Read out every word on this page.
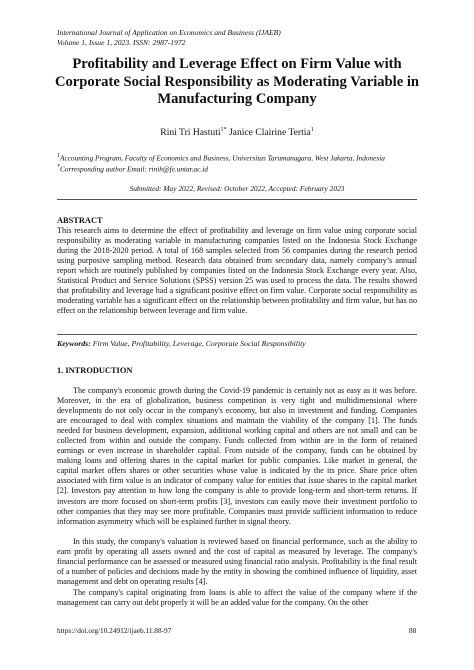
International Journal of Application on Economics and Business (IJAEB)
Volume 1, Issue 1, 2023. ISSN: 2987-1972
Profitability and Leverage Effect on Firm Value with Corporate Social Responsibility as Moderating Variable in Manufacturing Company
Rini Tri Hastuti$^{1*}$ Janice Clairine Tertia$^1$
$^1$Accounting Program, Faculty of Economics and Business, Universitas Tarumanagara, West Jakarta, Indonesia
*Corresponding author Email: rinih@fe.untar.ac.id
Submitted: May 2022, Revised: October 2022, Accepted: February 2023
ABSTRACT

This research aims to determine the effect of profitability and leverage on firm value using corporate social responsibility as moderating variable in manufacturing companies listed on the Indonesia Stock Exchange during the 2018-2020 period. A total of 168 samples selected from 56 companies during the research period using purposive sampling method. Research data obtained from secondary data, namely company’s annual report which are routinely published by companies listed on the Indonesia Stock Exchange every year. Also, Statistical Product and Service Solutions (SPSS) version 25 was used to process the data. The results showed that profitability and leverage had a significant positive effect on firm value. Corporate social responsibility as moderating variable has a significant effect on the relationship between profitability and firm value, but has no effect on the relationship between leverage and firm value.

Keywords: Firm Value, Profitability, Leverage, Corporate Social Responsibility
1. INTRODUCTION

The company's economic growth during the Covid-19 pandemic is certainly not as easy as it was before. Moreover, in the era of globalization, business competition is very tight and multidimensional where developments do not only occur in the company's economy, but also in investment and funding. Companies are encouraged to deal with complex situations and maintain the viability of the company [1]. The funds needed for business development, expansion, additional working capital and others are not small and can be collected from within and outside the company. Funds collected from within are in the form of retained earnings or even increase in shareholder capital. From outside of the company, funds can be obtained by making loans and offering shares in the capital market for public companies. Like market in general, the capital market offers shares or other securities whose value is indicated by the its price. Share price often associated with firm value is an indicator of company value for entities that issue shares in the capital market [2]. Investors pay attention to how long the company is able to provide long-term and short-term returns. If investors are more focused on short-term profits [3], investors can easily move their investment portfolio to other companies that they may see more profitable. Companies must provide sufficient information to reduce information asymmetry which will be explained further in signal theory.

In this study, the company's valuation is reviewed based on financial performance, such as the ability to earn profit by operating all assets owned and the cost of capital as measured by leverage. The company's financial performance can be assessed or measured using financial ratio analysis. Profitability is the final result of a number of policies and decisions made by the entity in showing the combined influence of liquidity, asset management and debt on operating results [4].

The company's capital originating from loans is able to affect the value of the company where if the management can carry out debt properly it will be an added value for the company. On the other

https://doi.org/10.24912/ijaeb.11.88-97	88
